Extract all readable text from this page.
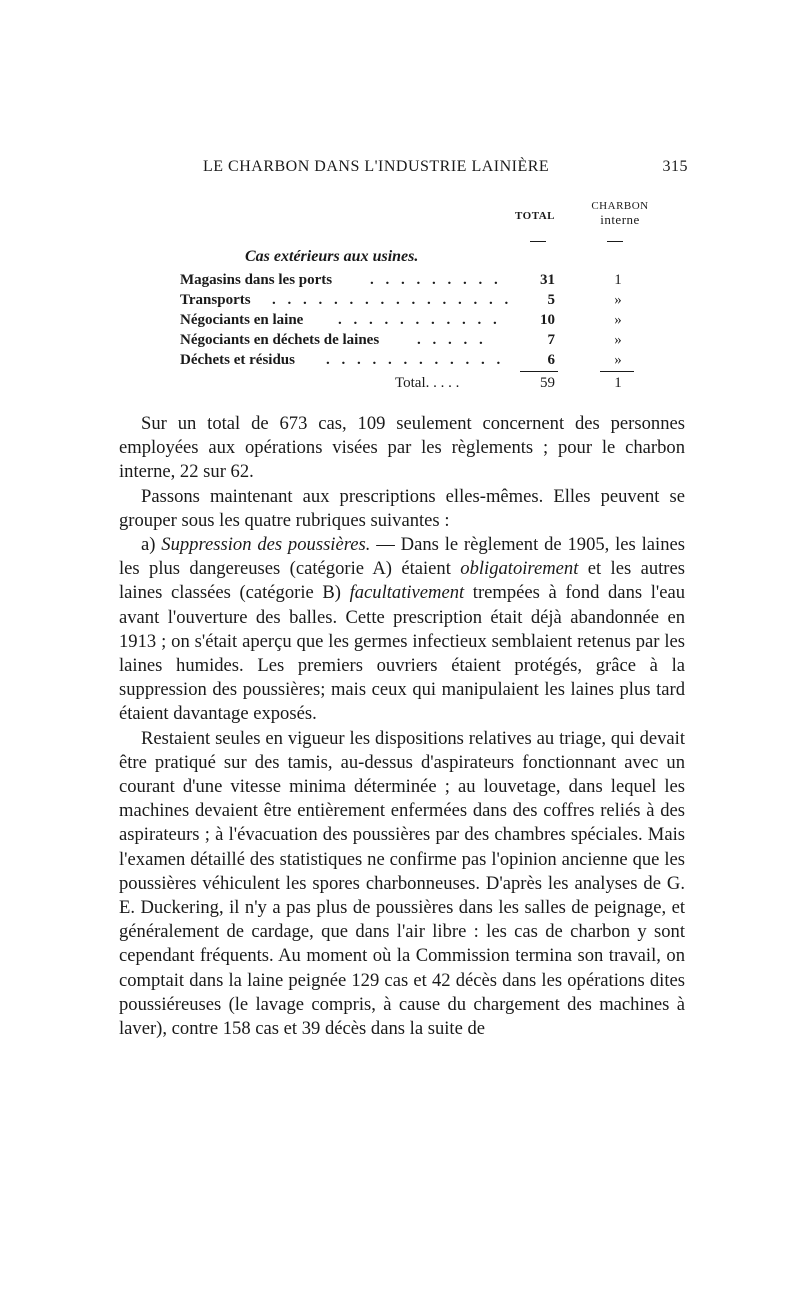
LE CHARBON DANS L'INDUSTRIE LAINIÈRE	315
TOTAL
CHARBON
interne
Cas extérieurs aux usines.
Magasins dans les ports	. . . . . . . . .	31	1
Transports . . . . . . . . . . . . . . . .	5	»
Négociants en laine . . . . . . . . . . .	10	»
Négociants en déchets de laines	. . . . .	7	»
Déchets et résidus . . . . . . . . . . . .	6	»
Total. . . . .	59	1

Sur un total de 673 cas, 109 seulement concernent des personnes employées aux opérations visées par les règlements ; pour le charbon interne, 22 sur 62.

Passons maintenant aux prescriptions elles-mêmes. Elles peuvent se grouper sous les quatre rubriques suivantes :

a) Suppression des poussières. — Dans le règlement de 1905, les laines les plus dangereuses (catégorie A) étaient obligatoirement et les autres laines classées (catégorie B) facultativement trempées à fond dans l'eau avant l'ouverture des balles. Cette prescription était déjà abandonnée en 1913 ; on s'était aperçu que les germes infectieux semblaient retenus par les laines humides. Les premiers ouvriers étaient protégés, grâce à la suppression des poussières; mais ceux qui manipulaient les laines plus tard étaient davantage exposés.

Restaient seules en vigueur les dispositions relatives au triage, qui devait être pratiqué sur des tamis, au-dessus d'aspirateurs fonctionnant avec un courant d'une vitesse minima déterminée ; au louvetage, dans lequel les machines devaient être entièrement enfermées dans des coffres reliés à des aspirateurs ; à l'évacuation des poussières par des chambres spéciales. Mais l'examen détaillé des statistiques ne confirme pas l'opinion ancienne que les poussières véhiculent les spores charbonneuses. D'après les analyses de G. E. Duckering, il n'y a pas plus de poussières dans les salles de peignage, et généralement de cardage, que dans l'air libre : les cas de charbon y sont cependant fréquents. Au moment où la Commission termina son travail, on comptait dans la laine peignée 129 cas et 42 décès dans les opérations dites poussiéreuses (le lavage compris, à cause du chargement des machines à laver), contre 158 cas et 39 décès dans la suite de
